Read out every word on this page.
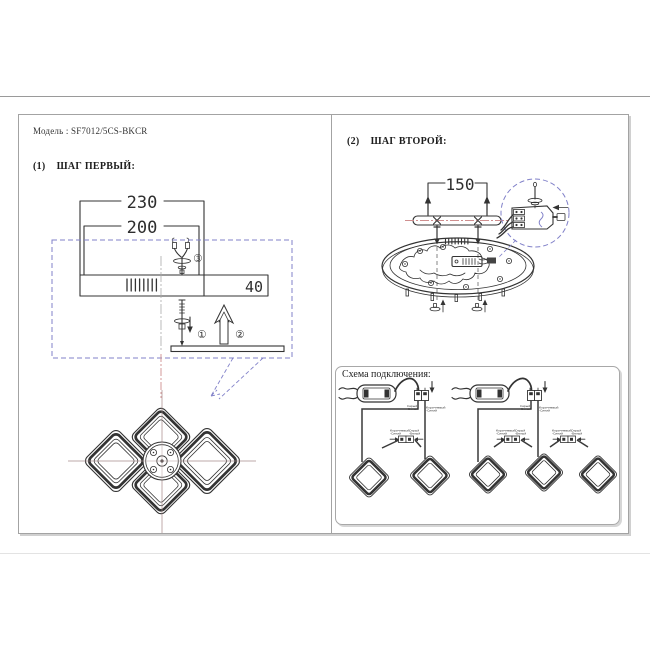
Модель : SF7012/5CS-BKCR
(1) ШАГ ПЕРВЫЙ:
(2) ШАГ ВТОРОЙ:
Схема подключения:
230
200
40
③
①	②
150
Серый
-Белый	Коричневый
-Синий
Коричневый
-Синий
Серый
-Белый
Серый
-Белый	Коричневый
-Синий
Коричневый
-Синий
Серый
-Белый
Коричневый
-Синий
Серый
-Белый
